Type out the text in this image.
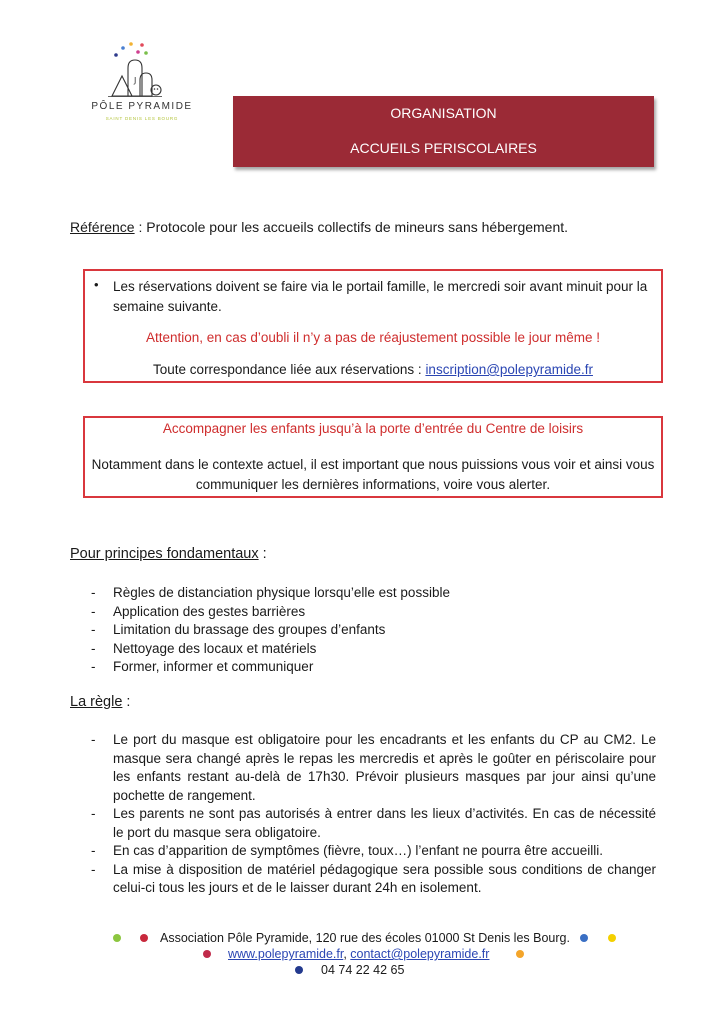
J
PÔLE PYRAMIDE
SAINT DENIS LES BOURG	ORGANISATION
ACCUEILS PERISCOLAIRES
Référence : Protocole pour les accueils collectifs de mineurs sans hébergement.
• Les réservations doivent se faire via le portail famille, le mercredi soir avant minuit pour la semaine suivante.
Attention, en cas d’oubli il n’y a pas de réajustement possible le jour même !
Toute correspondance liée aux réservations : inscription@polepyramide.fr
Accompagner les enfants jusqu’à la porte d’entrée du Centre de loisirs
Notamment dans le contexte actuel, il est important que nous puissions vous voir et ainsi vous communiquer les dernières informations, voire vous alerter.
Pour principes fondamentaux :
- Règles de distanciation physique lorsqu’elle est possible
- Application des gestes barrières
- Limitation du brassage des groupes d’enfants
- Nettoyage des locaux et matériels
- Former, informer et communiquer
La règle :
- Le port du masque est obligatoire pour les encadrants et les enfants du CP au CM2. Le masque sera changé après le repas les mercredis et après le goûter en périscolaire pour les enfants restant au-delà de 17h30. Prévoir plusieurs masques par jour ainsi qu’une pochette de rangement.
- Les parents ne sont pas autorisés à entrer dans les lieux d’activités. En cas de nécessité le port du masque sera obligatoire.
- En cas d’apparition de symptômes (fièvre, toux…) l’enfant ne pourra être accueilli.
- La mise à disposition de matériel pédagogique sera possible sous conditions de changer celui-ci tous les jours et de le laisser durant 24h en isolement.
Association Pôle Pyramide, 120 rue des écoles 01000 St Denis les Bourg.
www.polepyramide.fr, contact@polepyramide.fr
04 74 22 42 65
